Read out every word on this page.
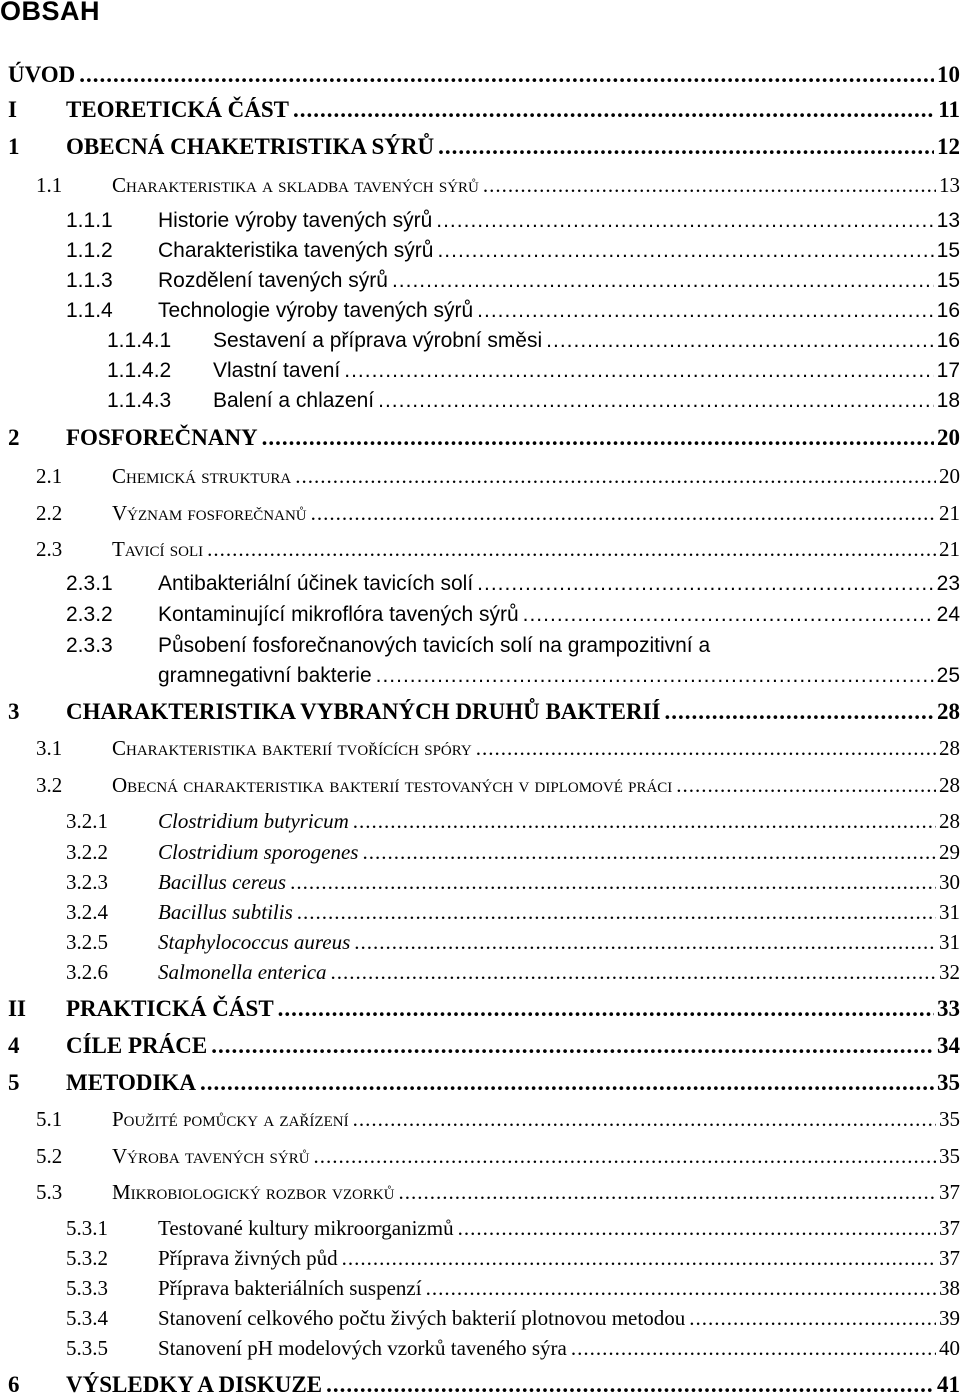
OBSAH
ÚVOD .....	10
I TEORETICKÁ ČÁST .....	11
1 OBECNÁ CHAKETRISTIKA SÝRŮ .....	12
1.1 Charakteristika a skladba tavených sýrů .....	13
1.1.1 Historie výroby tavených sýrů .....	13
1.1.2 Charakteristika tavených sýrů .....	15
1.1.3 Rozdělení tavených sýrů .....	15
1.1.4 Technologie výroby tavených sýrů .....	16
1.1.4.1 Sestavení a příprava výrobní směsi .....	16
1.1.4.2 Vlastní tavení .....	17
1.1.4.3 Balení a chlazení .....	18
2 FOSFOREČNANY .....	20
2.1 Chemická struktura .....	20
2.2 Význam fosforečnanů .....	21
2.3 Tavicí soli .....	21
2.3.1 Antibakteriální účinek tavicích solí .....	23
2.3.2 Kontaminující mikroflóra tavených sýrů .....	24
2.3.3 Působení fosforečnanových tavicích solí na grampozitivní a
gramnegativní bakterie .....	25
3 CHARAKTERISTIKA VYBRANÝCH DRUHŮ BAKTERIÍ .....	28
3.1 Charakteristika bakterií tvořících spóry .....	28
3.2 Obecná charakteristika bakterií testovaných v diplomové práci .....	28
3.2.1 Clostridium butyricum .....	28
3.2.2 Clostridium sporogenes .....	29
3.2.3 Bacillus cereus .....	30
3.2.4 Bacillus subtilis .....	31
3.2.5 Staphylococcus aureus .....	31
3.2.6 Salmonella enterica .....	32
II PRAKTICKÁ ČÁST .....	33
4 CÍLE PRÁCE .....	34
5 METODIKA .....	35
5.1 Použité pomůcky a zařízení .....	35
5.2 Výroba tavených sýrů .....	35
5.3 Mikrobiologický rozbor vzorků .....	37
5.3.1 Testované kultury mikroorganizmů .....	37
5.3.2 Příprava živných půd .....	37
5.3.3 Příprava bakteriálních suspenzí .....	38
5.3.4 Stanovení celkového počtu živých bakterií plotnovou metodou .....	39
5.3.5 Stanovení pH modelových vzorků taveného sýra .....	40
6 VÝSLEDKY A DISKUZE .....	41
